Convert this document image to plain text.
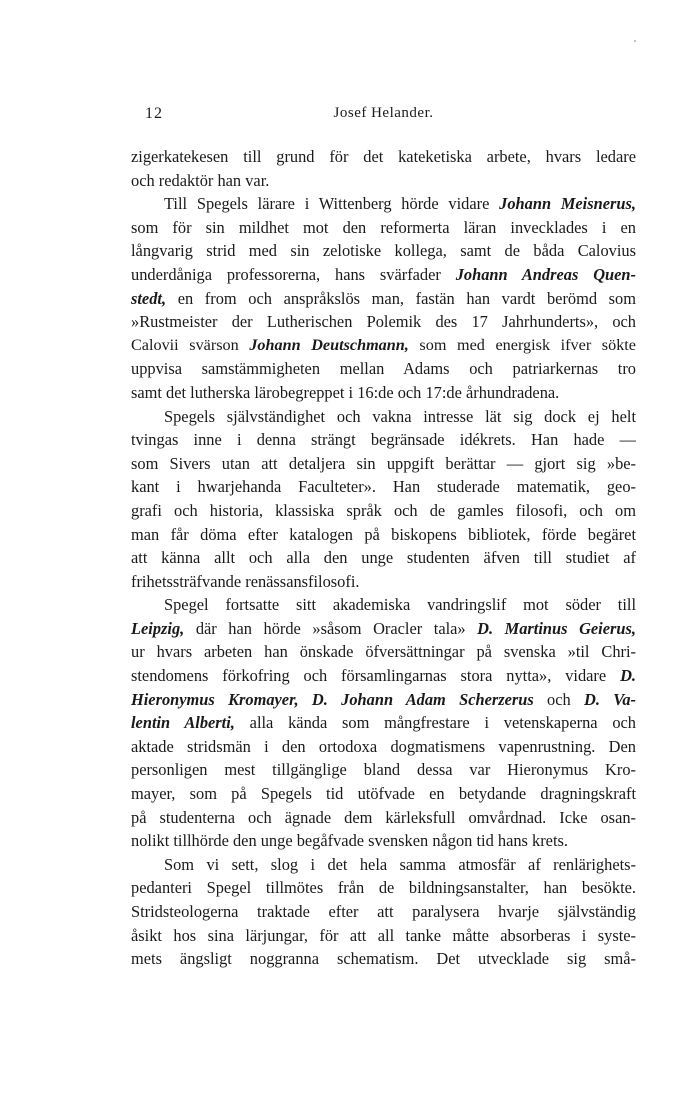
12	Josef Helander.
zigerkatekesen till grund för det kateketiska arbete, hvars ledare
och redaktör han var.
Till Spegels lärare i Wittenberg hörde vidare Johann Meisnerus,
som för sin mildhet mot den reformerta läran invecklades i en
långvarig strid med sin zelotiske kollega, samt de båda Calovius
underdåniga professorerna, hans svärfader Johann Andreas Quen-
stedt, en from och anspråkslös man, fastän han vardt berömd som
»Rustmeister der Lutherischen Polemik des 17 Jahrhunderts», och
Calovii svärson Johann Deutschmann, som med energisk ifver sökte
uppvisa samstämmigheten mellan Adams och patriarkernas tro
samt det lutherska lärobegreppet i 16:de och 17:de århundradena.
Spegels självständighet och vakna intresse lät sig dock ej helt
tvingas inne i denna strängt begränsade idékrets. Han hade —
som Sivers utan att detaljera sin uppgift berättar — gjort sig »be-
kant i hwarjehanda Faculteter». Han studerade matematik, geo-
grafi och historia, klassiska språk och de gamles filosofi, och om
man får döma efter katalogen på biskopens bibliotek, förde begäret
att känna allt och alla den unge studenten äfven till studiet af
frihetssträfvande renässansfilosofi.
Spegel fortsatte sitt akademiska vandringslif mot söder till
Leipzig, där han hörde »såsom Oracler tala» D. Martinus Geierus,
ur hvars arbeten han önskade öfversättningar på svenska »til Chri-
stendomens förkofring och församlingarnas stora nytta», vidare D.
Hieronymus Kromayer, D. Johann Adam Scherzerus och D. Va-
lentin Alberti, alla kända som mångfrestare i vetenskaperna och
aktade stridsmän i den ortodoxa dogmatismens vapenrustning. Den
personligen mest tillgänglige bland dessa var Hieronymus Kro-
mayer, som på Spegels tid utöfvade en betydande dragningskraft
på studenterna och ägnade dem kärleksfull omvårdnad. Icke osan-
nolikt tillhörde den unge begåfvade svensken någon tid hans krets.
Som vi sett, slog i det hela samma atmosfär af renlärighets-
pedanteri Spegel tillmötes från de bildningsanstalter, han besökte.
Stridsteologerna traktade efter att paralysera hvarje självständig
åsikt hos sina lärjungar, för att all tanke måtte absorberas i syste-
mets ängsligt noggranna schematism. Det utvecklade sig små-
